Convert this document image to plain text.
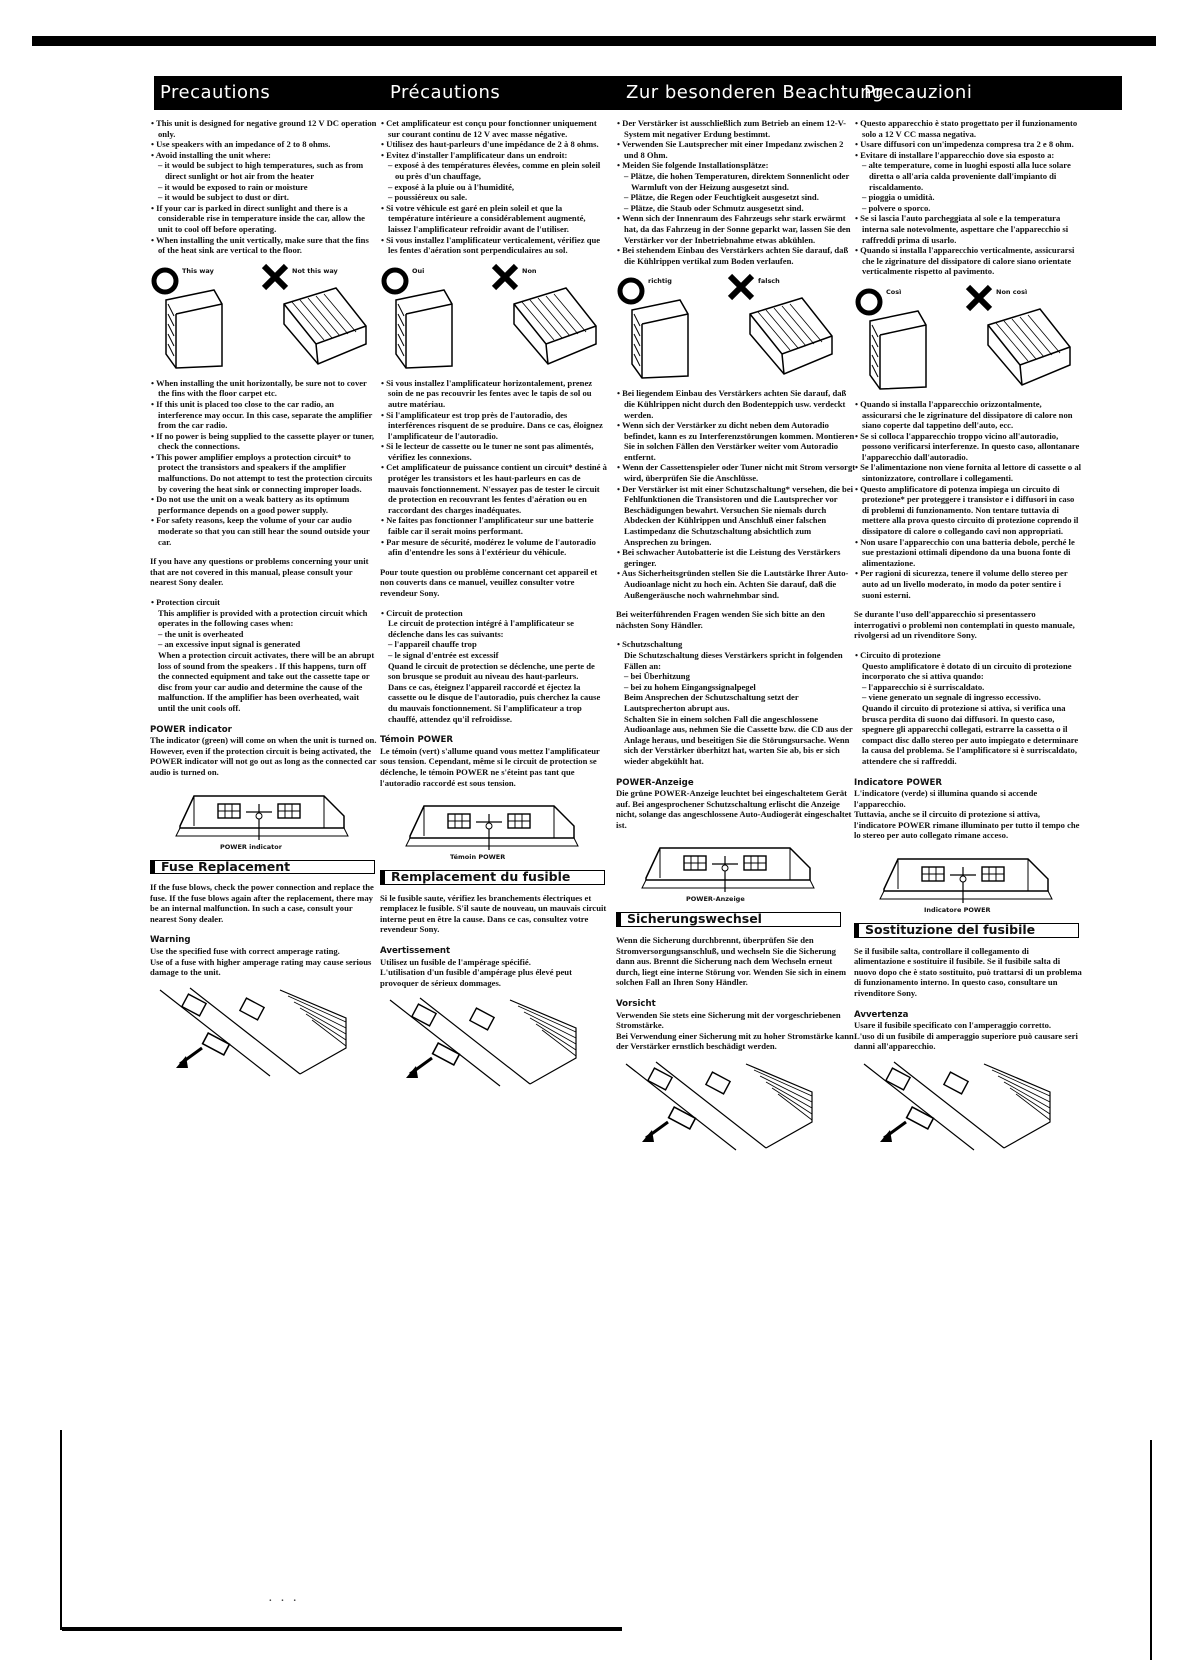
· · ·
Precautions

• This unit is designed for negative ground 12 V DC operation only.

• Use speakers with an impedance of 2 to 8 ohms.

• Avoid installing the unit where:

– it would be subject to high temperatures, such as from direct sunlight or hot air from the heater

– it would be exposed to rain or moisture

– it would be subject to dust or dirt.

• If your car is parked in direct sunlight and there is a considerable rise in temperature inside the car, allow the unit to cool off before operating.

• When installing the unit vertically, make sure that the fins of the heat sink are vertical to the floor.

This way	Not this way

• When installing the unit horizontally, be sure not to cover the fins with the floor carpet etc.

• If this unit is placed too close to the car radio, an interference may occur. In this case, separate the amplifier from the car radio.

• If no power is being supplied to the cassette player or tuner, check the connections.

• This power amplifier employs a protection circuit* to protect the transistors and speakers if the amplifier malfunctions. Do not attempt to test the protection circuits by covering the heat sink or connecting improper loads.

• Do not use the unit on a weak battery as its optimum performance depends on a good power supply.

• For safety reasons, keep the volume of your car audio moderate so that you can still hear the sound outside your car.

If you have any questions or problems concerning your unit that are not covered in this manual, please consult your nearest Sony dealer.

• Protection circuit

This amplifier is provided with a protection circuit which operates in the following cases when:

– the unit is overheated

– an excessive input signal is generated

When a protection circuit activates, there will be an abrupt loss of sound from the speakers . If this happens, turn off the connected equipment and take out the cassette tape or disc from your car audio and determine the cause of the malfunction. If the amplifier has been overheated, wait until the unit cools off.

POWER indicator

The indicator (green) will come on when the unit is turned on.

However, even if the protection circuit is being activated, the POWER indicator will not go out as long as the connected car audio is turned on.

POWER indicator
Fuse Replacement

If the fuse blows, check the power connection and replace the fuse. If the fuse blows again after the replacement, there may be an internal malfunction. In such a case, consult your nearest Sony dealer.

Warning

Use the specified fuse with correct amperage rating.

Use of a fuse with higher amperage rating may cause serious damage to the unit.

Précautions

• Cet amplificateur est conçu pour fonctionner uniquement sur courant continu de 12 V avec masse négative.

• Utilisez des haut-parleurs d'une impédance de 2 à 8 ohms.

• Evitez d'installer l'amplificateur dans un endroit:

– exposé à des températures élevées, comme en plein soleil ou près d'un chauffage,

– exposé à la pluie ou à l'humidité,

– poussiéreux ou sale.

• Si votre véhicule est garé en plein soleil et que la température intérieure a considérablement augmenté, laissez l'amplificateur refroidir avant de l'utiliser.

• Si vous installez l'amplificateur verticalement, vérifiez que les fentes d'aération sont perpendiculaires au sol.

Oui	Non

• Si vous installez l'amplificateur horizontalement, prenez soin de ne pas recouvrir les fentes avec le tapis de sol ou autre matériau.

• Si l'amplificateur est trop près de l'autoradio, des interférences risquent de se produire. Dans ce cas, éloignez l'amplificateur de l'autoradio.

• Si le lecteur de cassette ou le tuner ne sont pas alimentés, vérifiez les connexions.

• Cet amplificateur de puissance contient un circuit* destiné à protéger les transistors et les haut-parleurs en cas de mauvais fonctionnement. N'essayez pas de tester le circuit de protection en recouvrant les fentes d'aération ou en raccordant des charges inadéquates.

• Ne faites pas fonctionner l'amplificateur sur une batterie faible car il serait moins performant.

• Par mesure de sécurité, modérez le volume de l'autoradio afin d'entendre les sons à l'extérieur du véhicule.

Pour toute question ou problème concernant cet appareil et non couverts dans ce manuel, veuillez consulter votre revendeur Sony.

• Circuit de protection

Le circuit de protection intégré à l'amplificateur se déclenche dans les cas suivants:

– l'appareil chauffe trop

– le signal d'entrée est excessif

Quand le circuit de protection se déclenche, une perte de son brusque se produit au niveau des haut-parleurs.

Dans ce cas, éteignez l'appareil raccordé et éjectez la cassette ou le disque de l'autoradio, puis cherchez la cause du mauvais fonctionnement. Si l'amplificateur a trop chauffé, attendez qu'il refroidisse.

Témoin POWER

Le témoin (vert) s'allume quand vous mettez l'amplificateur sous tension. Cependant, même si le circuit de protection se déclenche, le témoin POWER ne s'éteint pas tant que l'autoradio raccordé est sous tension.

Témoin POWER
Remplacement du fusible

Si le fusible saute, vérifiez les branchements électriques et remplacez le fusible. S'il saute de nouveau, un mauvais circuit interne peut en être la cause. Dans ce cas, consultez votre revendeur Sony.

Avertissement

Utilisez un fusible de l'ampérage spécifié.

L'utilisation d'un fusible d'ampérage plus élevé peut provoquer de sérieux dommages.

Zur besonderen Beachtung

• Der Verstärker ist ausschließlich zum Betrieb an einem 12-V-System mit negativer Erdung bestimmt.

• Verwenden Sie Lautsprecher mit einer Impedanz zwischen 2 und 8 Ohm.

• Meiden Sie folgende Installationsplätze:

– Plätze, die hohen Temperaturen, direktem Sonnenlicht oder Warmluft von der Heizung ausgesetzt sind.

– Plätze, die Regen oder Feuchtigkeit ausgesetzt sind.

– Plätze, die Staub oder Schmutz ausgesetzt sind.

• Wenn sich der Innenraum des Fahrzeugs sehr stark erwärmt hat, da das Fahrzeug in der Sonne geparkt war, lassen Sie den Verstärker vor der Inbetriebnahme etwas abkühlen.

• Bei stehendem Einbau des Verstärkers achten Sie darauf, daß die Kühlrippen vertikal zum Boden verlaufen.

richtig	falsch

• Bei liegendem Einbau des Verstärkers achten Sie darauf, daß die Kühlrippen nicht durch den Bodenteppich usw. verdeckt werden.

• Wenn sich der Verstärker zu dicht neben dem Autoradio befindet, kann es zu Interferenzstörungen kommen. Montieren Sie in solchen Fällen den Verstärker weiter vom Autoradio entfernt.

• Wenn der Cassettenspieler oder Tuner nicht mit Strom versorgt wird, überprüfen Sie die Anschlüsse.

• Der Verstärker ist mit einer Schutzschaltung* versehen, die bei Fehlfunktionen die Transistoren und die Lautsprecher vor Beschädigungen bewahrt. Versuchen Sie niemals durch Abdecken der Kühlrippen und Anschluß einer falschen Lastimpedanz die Schutzschaltung absichtlich zum Ansprechen zu bringen.

• Bei schwacher Autobatterie ist die Leistung des Verstärkers geringer.

• Aus Sicherheitsgründen stellen Sie die Lautstärke Ihrer Auto-Audioanlage nicht zu hoch ein. Achten Sie darauf, daß die Außengeräusche noch wahrnehmbar sind.

Bei weiterführenden Fragen wenden Sie sich bitte an den nächsten Sony Händler.

• Schutzschaltung

Die Schutzschaltung dieses Verstärkers spricht in folgenden Fällen an:

– bei Überhitzung

– bei zu hohem Eingangssignalpegel

Beim Ansprechen der Schutzschaltung setzt der Lautsprecherton abrupt aus.

Schalten Sie in einem solchen Fall die angeschlossene Audioanlage aus, nehmen Sie die Cassette bzw. die CD aus der Anlage heraus, und beseitigen Sie die Störungsursache. Wenn sich der Verstärker überhitzt hat, warten Sie ab, bis er sich wieder abgekühlt hat.

POWER-Anzeige

Die grüne POWER-Anzeige leuchtet bei eingeschaltetem Gerät auf. Bei angesprochener Schutzschaltung erlischt die Anzeige nicht, solange das angeschlossene Auto-Audiogerät eingeschaltet ist.

POWER-Anzeige
Sicherungswechsel

Wenn die Sicherung durchbrennt, überprüfen Sie den Stromversorgungsanschluß, und wechseln Sie die Sicherung dann aus. Brennt die Sicherung nach dem Wechseln erneut durch, liegt eine interne Störung vor. Wenden Sie sich in einem solchen Fall an Ihren Sony Händler.

Vorsicht

Verwenden Sie stets eine Sicherung mit der vorgeschriebenen Stromstärke.

Bei Verwendung einer Sicherung mit zu hoher Stromstärke kann der Verstärker ernstlich beschädigt werden.

Precauzioni

• Questo apparecchio è stato progettato per il funzionamento solo a 12 V CC massa negativa.

• Usare diffusori con un'impedenza compresa tra 2 e 8 ohm.

• Evitare di installare l'apparecchio dove sia esposto a:

– alte temperature, come in luoghi esposti alla luce solare diretta o all'aria calda proveniente dall'impianto di riscaldamento.

– pioggia o umidità.

– polvere o sporco.

• Se si lascia l'auto parcheggiata al sole e la temperatura interna sale notevolmente, aspettare che l'apparecchio si raffreddi prima di usarlo.

• Quando si installa l'apparecchio verticalmente, assicurarsi che le zigrinature del dissipatore di calore siano orientate verticalmente rispetto al pavimento.

Così	Non così

• Quando si installa l'apparecchio orizzontalmente, assicurarsi che le zigrinature del dissipatore di calore non siano coperte dal tappetino dell'auto, ecc.

• Se si colloca l'apparecchio troppo vicino all'autoradio, possono verificarsi interferenze. In questo caso, allontanare l'apparecchio dall'autoradio.

• Se l'alimentazione non viene fornita al lettore di cassette o al sintonizzatore, controllare i collegamenti.

• Questo amplificatore di potenza impiega un circuito di protezione* per proteggere i transistor e i diffusori in caso di problemi di funzionamento. Non tentare tuttavia di mettere alla prova questo circuito di protezione coprendo il dissipatore di calore o collegando cavi non appropriati.

• Non usare l'apparecchio con una batteria debole, perché le sue prestazioni ottimali dipendono da una buona fonte di alimentazione.

• Per ragioni di sicurezza, tenere il volume dello stereo per auto ad un livello moderato, in modo da poter sentire i suoni esterni.

Se durante l'uso dell'apparecchio si presentassero interrogativi o problemi non contemplati in questo manuale, rivolgersi ad un rivenditore Sony.

• Circuito di protezione

Questo amplificatore è dotato di un circuito di protezione incorporato che si attiva quando:

– l'apparecchio si è surriscaldato.

– viene generato un segnale di ingresso eccessivo.

Quando il circuito di protezione si attiva, si verifica una brusca perdita di suono dai diffusori. In questo caso, spegnere gli apparecchi collegati, estrarre la cassetta o il compact disc dallo stereo per auto impiegato e determinare la causa del problema. Se l'amplificatore si è surriscaldato, attendere che si raffreddi.

Indicatore POWER

L'indicatore (verde) si illumina quando si accende l'apparecchio.

Tuttavia, anche se il circuito di protezione si attiva, l'indicatore POWER rimane illuminato per tutto il tempo che lo stereo per auto collegato rimane acceso.

Indicatore POWER
Sostituzione del fusibile

Se il fusibile salta, controllare il collegamento di alimentazione e sostituire il fusibile. Se il fusibile salta di nuovo dopo che è stato sostituito, può trattarsi di un problema di funzionamento interno. In questo caso, consultare un rivenditore Sony.

Avvertenza

Usare il fusibile specificato con l'amperaggio corretto.

L'uso di un fusibile di amperaggio superiore può causare seri danni all'apparecchio.
